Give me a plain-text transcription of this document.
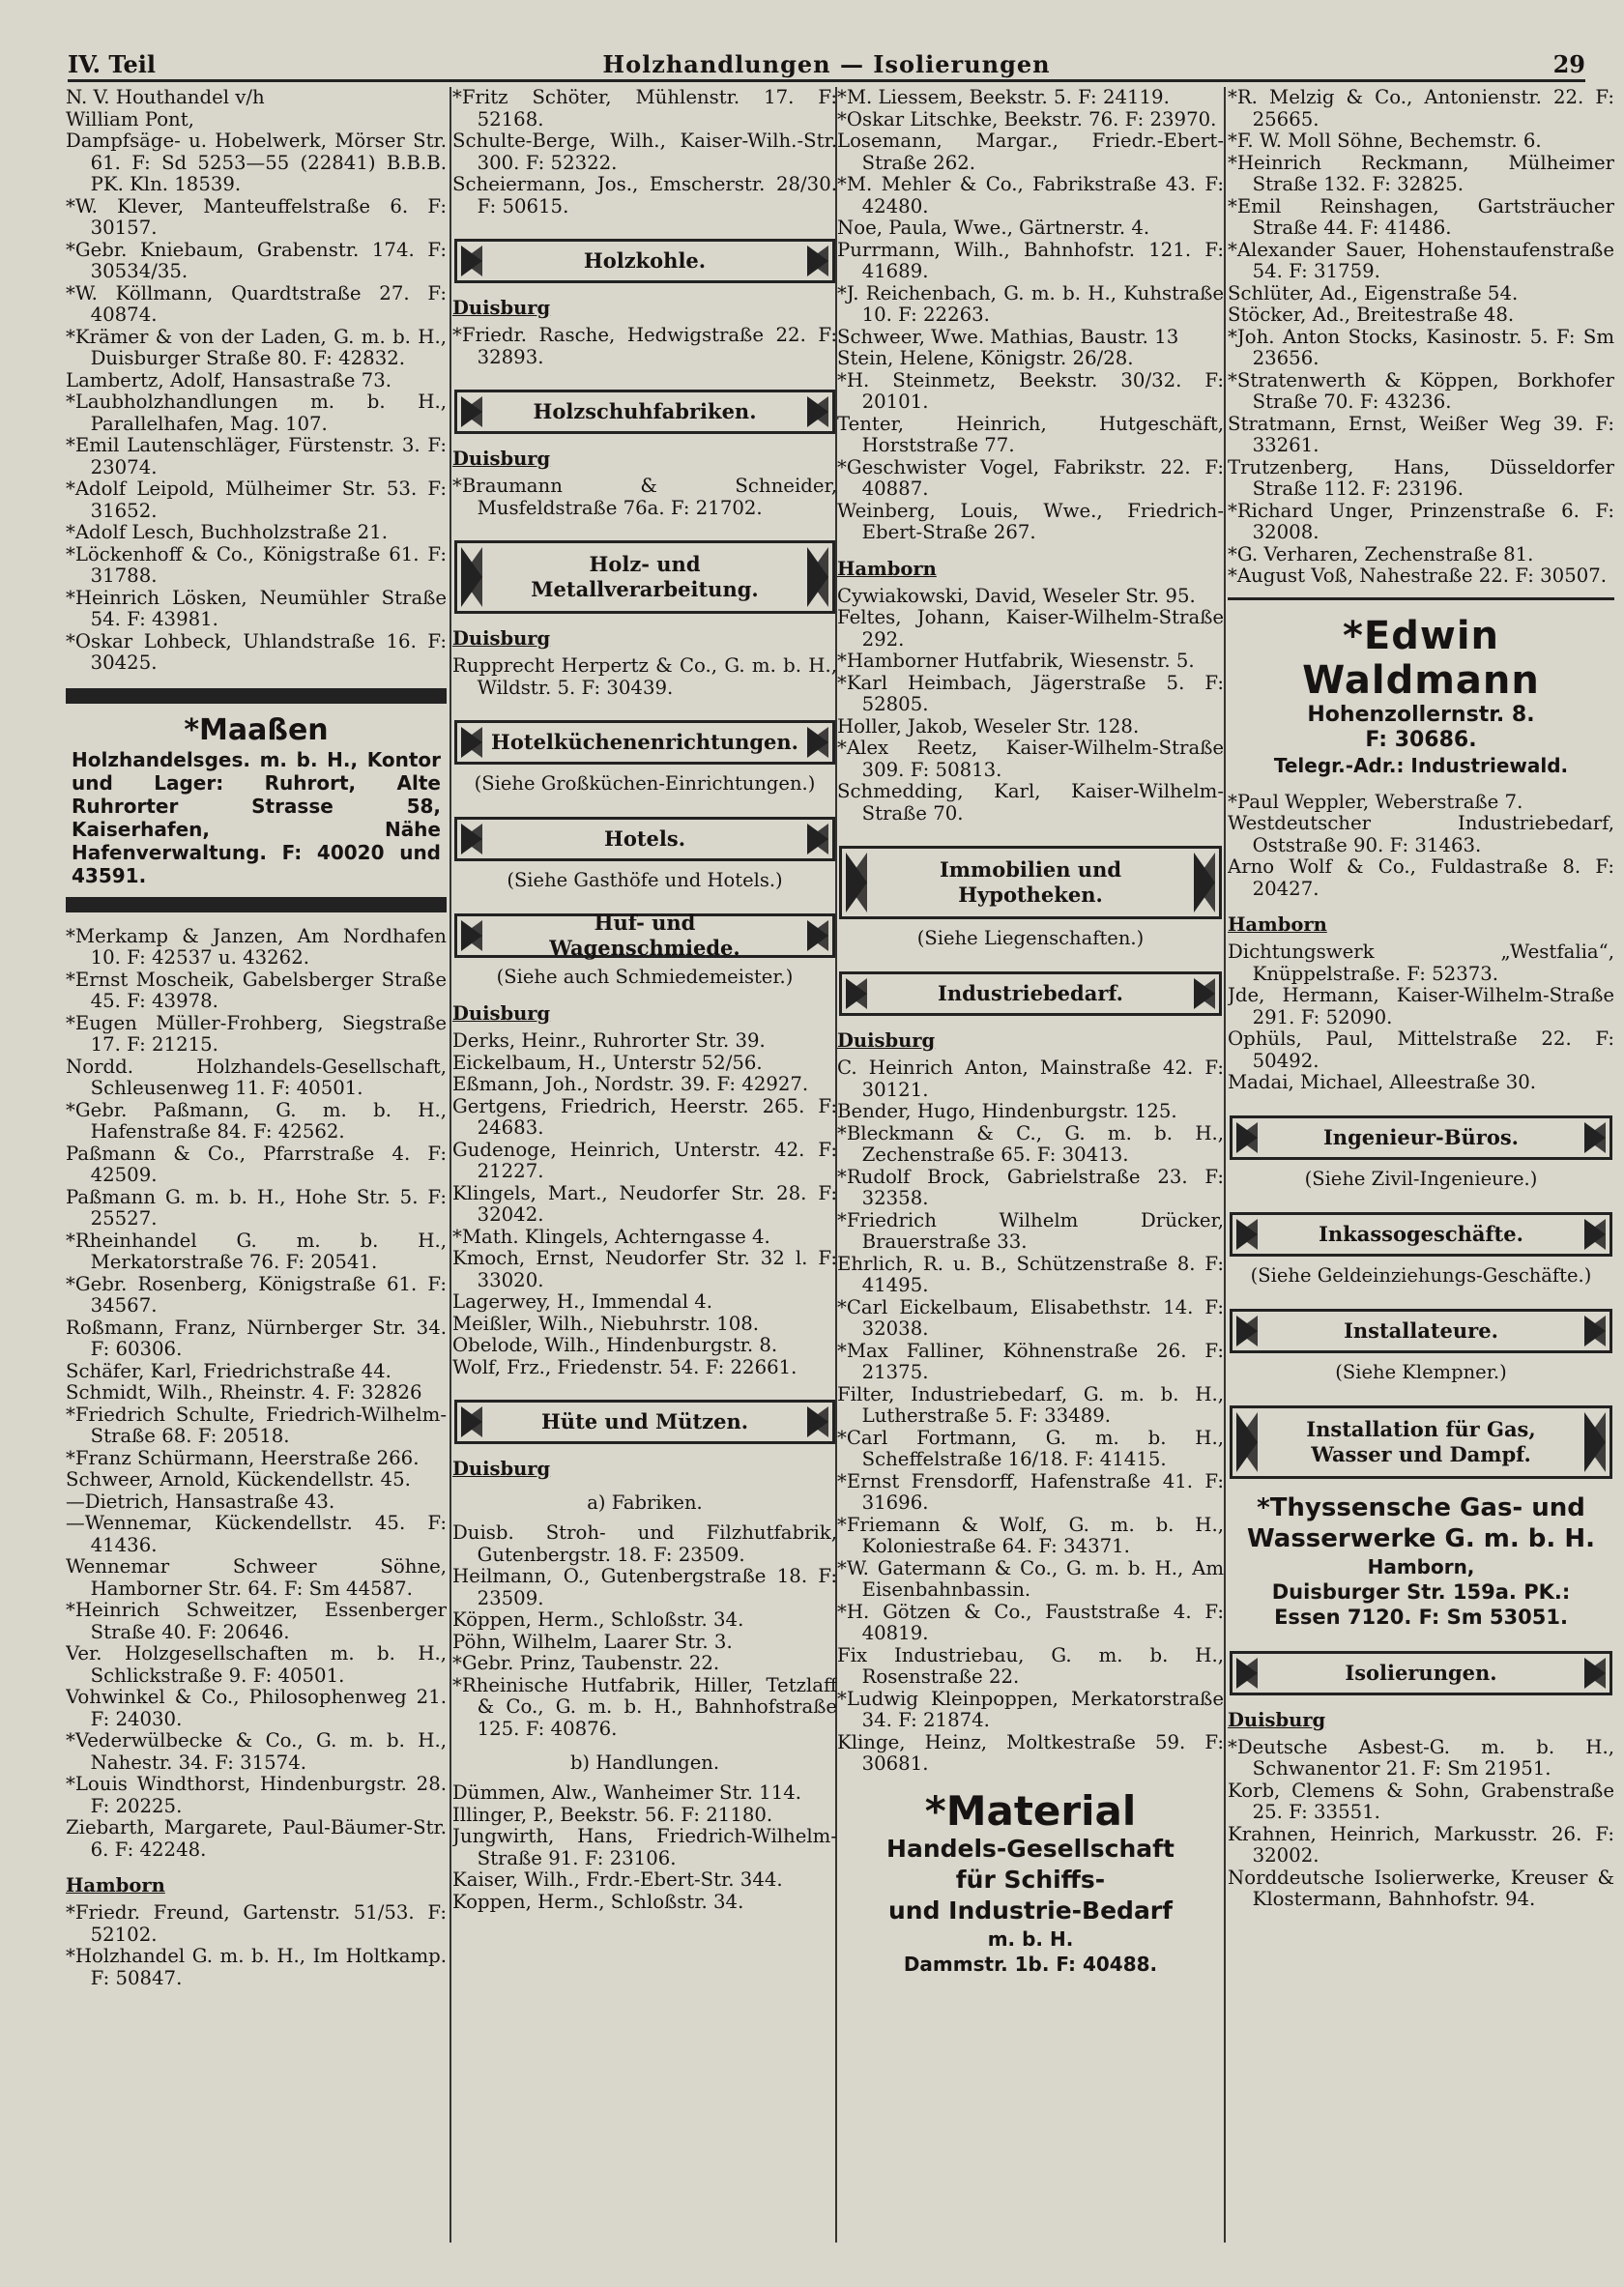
IV. Teil	Holzhandlungen — Isolierungen	29
N. V. Houthandel v/h
William Pont,
Dampfsäge- u. Hobelwerk, Mörser Str. 61. F: Sd 5253—55 (22841) B.B.B. PK. Kln. 18539.
*W. Klever, Manteuffelstraße 6. F: 30157.
*Gebr. Kniebaum, Grabenstr. 174. F: 30534/35.
*W. Köllmann, Quardtstraße 27. F: 40874.
*Krämer & von der Laden, G. m. b. H., Duisburger Straße 80. F: 42832.
Lambertz, Adolf, Hansastraße 73.
*Laubholzhandlungen m. b. H., Parallelhafen, Mag. 107.
*Emil Lautenschläger, Fürstenstr. 3. F: 23074.
*Adolf Leipold, Mülheimer Str. 53. F: 31652.
*Adolf Lesch, Buchholzstraße 21.
*Löckenhoff & Co., Königstraße 61. F: 31788.
*Heinrich Lösken, Neumühler Straße 54. F: 43981.
*Oskar Lohbeck, Uhlandstraße 16. F: 30425.
*Maaßen
Holzhandelsges. m. b. H., Kontor und Lager: Ruhrort, Alte Ruhrorter Strasse 58, Kaiserhafen, Nähe Hafenverwaltung. F: 40020 und 43591.
*Merkamp & Janzen, Am Nordhafen 10. F: 42537 u. 43262.
*Ernst Moscheik, Gabelsberger Straße 45. F: 43978.
*Eugen Müller-Frohberg, Siegstraße 17. F: 21215.
Nordd. Holzhandels-Gesellschaft, Schleusenweg 11. F: 40501.
*Gebr. Paßmann, G. m. b. H., Hafenstraße 84. F: 42562.
Paßmann & Co., Pfarrstraße 4. F: 42509.
Paßmann G. m. b. H., Hohe Str. 5. F: 25527.
*Rheinhandel G. m. b. H., Merkatorstraße 76. F: 20541.
*Gebr. Rosenberg, Königstraße 61. F: 34567.
Roßmann, Franz, Nürnberger Str. 34. F: 60306.
Schäfer, Karl, Friedrichstraße 44.
Schmidt, Wilh., Rheinstr. 4. F: 32826
*Friedrich Schulte, Friedrich-Wilhelm-Straße 68. F: 20518.
*Franz Schürmann, Heerstraße 266.
Schweer, Arnold, Kückendellstr. 45.
—Dietrich, Hansastraße 43.
—Wennemar, Kückendellstr. 45. F: 41436.
Wennemar Schweer Söhne, Hamborner Str. 64. F: Sm 44587.
*Heinrich Schweitzer, Essenberger Straße 40. F: 20646.
Ver. Holzgesellschaften m. b. H., Schlickstraße 9. F: 40501.
Vohwinkel & Co., Philosophenweg 21. F: 24030.
*Vederwülbecke & Co., G. m. b. H., Nahestr. 34. F: 31574.
*Louis Windthorst, Hindenburgstr. 28. F: 20225.
Ziebarth, Margarete, Paul-Bäumer-Str. 6. F: 42248.
Hamborn
*Friedr. Freund, Gartenstr. 51/53. F: 52102.
*Holzhandel G. m. b. H., Im Holtkamp. F: 50847.
*Fritz Schöter, Mühlenstr. 17. F: 52168.
Schulte-Berge, Wilh., Kaiser-Wilh.-Str. 300. F: 52322.
Scheiermann, Jos., Emscherstr. 28/30. F: 50615.
Holzkohle.
Duisburg
*Friedr. Rasche, Hedwigstraße 22. F: 32893.
Holzschuhfabriken.
Duisburg
*Braumann & Schneider, Musfeldstraße 76a. F: 21702.
Holz- und Metallverarbeitung.
Duisburg
Rupprecht Herpertz & Co., G. m. b. H., Wildstr. 5. F: 30439.
Hotelküchenenrichtungen.
(Siehe Großküchen-Einrichtungen.)
Hotels.
(Siehe Gasthöfe und Hotels.)
Huf- und Wagenschmiede.
(Siehe auch Schmiedemeister.)
Duisburg
Derks, Heinr., Ruhrorter Str. 39.
Eickelbaum, H., Unterstr 52/56.
Eßmann, Joh., Nordstr. 39. F: 42927.
Gertgens, Friedrich, Heerstr. 265. F: 24683.
Gudenoge, Heinrich, Unterstr. 42. F: 21227.
Klingels, Mart., Neudorfer Str. 28. F: 32042.
*Math. Klingels, Achterngasse 4.
Kmoch, Ernst, Neudorfer Str. 32 l. F: 33020.
Lagerwey, H., Immendal 4.
Meißler, Wilh., Niebuhrstr. 108.
Obelode, Wilh., Hindenburgstr. 8.
Wolf, Frz., Friedenstr. 54. F: 22661.
Hüte und Mützen.
Duisburg
a) Fabriken.
Duisb. Stroh- und Filzhutfabrik, Gutenbergstr. 18. F: 23509.
Heilmann, O., Gutenbergstraße 18. F: 23509.
Köppen, Herm., Schloßstr. 34.
Pöhn, Wilhelm, Laarer Str. 3.
*Gebr. Prinz, Taubenstr. 22.
*Rheinische Hutfabrik, Hiller, Tetzlaff & Co., G. m. b. H., Bahnhofstraße 125. F: 40876.
b) Handlungen.
Dümmen, Alw., Wanheimer Str. 114.
Illinger, P., Beekstr. 56. F: 21180.
Jungwirth, Hans, Friedrich-Wilhelm-Straße 91. F: 23106.
Kaiser, Wilh., Frdr.-Ebert-Str. 344.
Koppen, Herm., Schloßstr. 34.
*M. Liessem, Beekstr. 5. F: 24119.
*Oskar Litschke, Beekstr. 76. F: 23970.
Losemann, Margar., Friedr.-Ebert-Straße 262.
*M. Mehler & Co., Fabrikstraße 43. F: 42480.
Noe, Paula, Wwe., Gärtnerstr. 4.
Purrmann, Wilh., Bahnhofstr. 121. F: 41689.
*J. Reichenbach, G. m. b. H., Kuhstraße 10. F: 22263.
Schweer, Wwe. Mathias, Baustr. 13
Stein, Helene, Königstr. 26/28.
*H. Steinmetz, Beekstr. 30/32. F: 20101.
Tenter, Heinrich, Hutgeschäft, Horststraße 77.
*Geschwister Vogel, Fabrikstr. 22. F: 40887.
Weinberg, Louis, Wwe., Friedrich-Ebert-Straße 267.
Hamborn
Cywiakowski, David, Weseler Str. 95.
Feltes, Johann, Kaiser-Wilhelm-Straße 292.
*Hamborner Hutfabrik, Wiesenstr. 5.
*Karl Heimbach, Jägerstraße 5. F: 52805.
Holler, Jakob, Weseler Str. 128.
*Alex Reetz, Kaiser-Wilhelm-Straße 309. F: 50813.
Schmedding, Karl, Kaiser-Wilhelm-Straße 70.
Immobilien und Hypotheken.
(Siehe Liegenschaften.)
Industriebedarf.
Duisburg
C. Heinrich Anton, Mainstraße 42. F: 30121.
Bender, Hugo, Hindenburgstr. 125.
*Bleckmann & C., G. m. b. H., Zechenstraße 65. F: 30413.
*Rudolf Brock, Gabrielstraße 23. F: 32358.
*Friedrich Wilhelm Drücker, Brauerstraße 33.
Ehrlich, R. u. B., Schützenstraße 8. F: 41495.
*Carl Eickelbaum, Elisabethstr. 14. F: 32038.
*Max Falliner, Köhnenstraße 26. F: 21375.
Filter, Industriebedarf, G. m. b. H., Lutherstraße 5. F: 33489.
*Carl Fortmann, G. m. b. H., Scheffelstraße 16/18. F: 41415.
*Ernst Frensdorff, Hafenstraße 41. F: 31696.
*Friemann & Wolf, G. m. b. H., Koloniestraße 64. F: 34371.
*W. Gatermann & Co., G. m. b. H., Am Eisenbahnbassin.
*H. Götzen & Co., Fauststraße 4. F: 40819.
Fix Industriebau, G. m. b. H., Rosenstraße 22.
*Ludwig Kleinpoppen, Merkatorstraße 34. F: 21874.
Klinge, Heinz, Moltkestraße 59. F: 30681.
*Material
Handels-Gesellschaft
für Schiffs-
und Industrie-Bedarf
m. b. H.
Dammstr. 1b. F: 40488.
*R. Melzig & Co., Antonienstr. 22. F: 25665.
*F. W. Moll Söhne, Bechemstr. 6.
*Heinrich Reckmann, Mülheimer Straße 132. F: 32825.
*Emil Reinshagen, Gartsträucher Straße 44. F: 41486.
*Alexander Sauer, Hohenstaufenstraße 54. F: 31759.
Schlüter, Ad., Eigenstraße 54.
Stöcker, Ad., Breitestraße 48.
*Joh. Anton Stocks, Kasinostr. 5. F: Sm 23656.
*Stratenwerth & Köppen, Borkhofer Straße 70. F: 43236.
Stratmann, Ernst, Weißer Weg 39. F: 33261.
Trutzenberg, Hans, Düsseldorfer Straße 112. F: 23196.
*Richard Unger, Prinzenstraße 6. F: 32008.
*G. Verharen, Zechenstraße 81.
*August Voß, Nahestraße 22. F: 30507.
*Edwin Waldmann
Hohenzollernstr. 8.
F: 30686.
Telegr.-Adr.: Industriewald.
*Paul Weppler, Weberstraße 7.
Westdeutscher Industriebedarf, Oststraße 90. F: 31463.
Arno Wolf & Co., Fuldastraße 8. F: 20427.
Hamborn
Dichtungswerk „Westfalia“, Knüppelstraße. F: 52373.
Jde, Hermann, Kaiser-Wilhelm-Straße 291. F: 52090.
Ophüls, Paul, Mittelstraße 22. F: 50492.
Madai, Michael, Alleestraße 30.
Ingenieur-Büros.
(Siehe Zivil-Ingenieure.)
Inkassogeschäfte.
(Siehe Geldeinziehungs-Geschäfte.)
Installateure.
(Siehe Klempner.)
Installation für Gas, Wasser und Dampf.
*Thyssensche Gas- und
Wasserwerke G. m. b. H.
Hamborn,
Duisburger Str. 159a. PK.:
Essen 7120. F: Sm 53051.
Isolierungen.
Duisburg
*Deutsche Asbest-G. m. b. H., Schwanentor 21. F: Sm 21951.
Korb, Clemens & Sohn, Grabenstraße 25. F: 33551.
Krahnen, Heinrich, Markusstr. 26. F: 32002.
Norddeutsche Isolierwerke, Kreuser & Klostermann, Bahnhofstr. 94.
